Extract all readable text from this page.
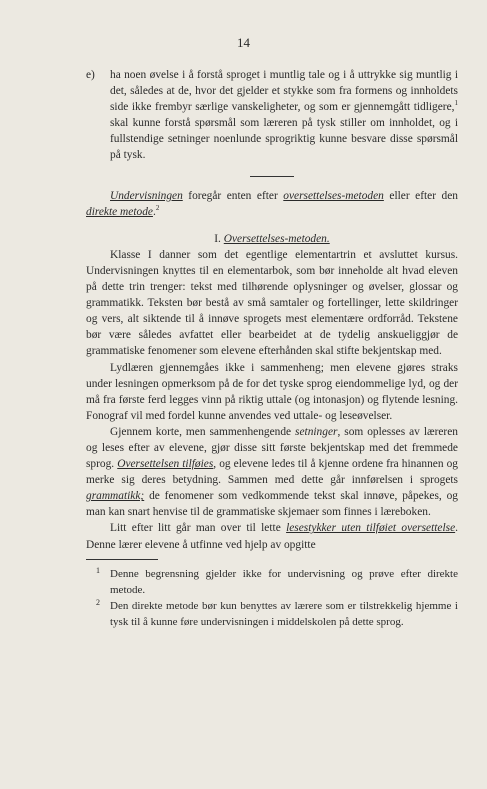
14

e) ha noen øvelse i å forstå sproget i muntlig tale og i å uttrykke sig muntlig i det, således at de, hvor det gjelder et stykke som fra formens og innholdets side ikke frembyr særlige vanskeligheter, og som er gjennemgått tidligere,$^1$ skal kunne forstå spørsmål som læreren på tysk stiller om innholdet, og i fullstendige setninger noenlunde sprogriktig kunne besvare disse spørsmål på tysk.

Undervisningen foregår enten efter oversettelses-metoden eller efter den direkte metode.$^2$

I. Oversettelses-metoden.

Klasse I danner som det egentlige elementartrin et avsluttet kursus. Undervisningen knyttes til en elementarbok, som bør inneholde alt hvad eleven på dette trin trenger: tekst med tilhørende oplysninger og øvelser, glossar og grammatikk. Teksten bør bestå av små samtaler og fortellinger, lette skildringer og vers, alt siktende til å innøve sprogets mest elementære ordforråd. Tekstene bør være således avfattet eller bearbeidet at de tydelig anskueliggjør de grammatiske fenomener som elevene efterhånden skal stifte bekjentskap med.

Lydlæren gjennemgåes ikke i sammenheng; men elevene gjøres straks under lesningen opmerksom på de for det tyske sprog eiendommelige lyd, og der må fra første ferd legges vinn på riktig uttale (og intonasjon) og flytende lesning. Fonograf vil med fordel kunne anvendes ved uttale- og leseøvelser.

Gjennem korte, men sammenhengende setninger, som oplesses av læreren og leses efter av elevene, gjør disse sitt første bekjentskap med det fremmede sprog. Oversettelsen tilføies, og elevene ledes til å kjenne ordene fra hinannen og merke sig deres betydning. Sammen med dette går innførelsen i sprogets grammatikk; de fenomener som vedkommende tekst skal innøve, påpekes, og man kan snart henvise til de grammatiske skjemaer som finnes i læreboken.

Litt efter litt går man over til lette lesestykker uten tilføiet oversettelse. Denne lærer elevene å utfinne ved hjelp av opgitte

1 Denne begrensning gjelder ikke for undervisning og prøve efter direkte metode.

2 Den direkte metode bør kun benyttes av lærere som er tilstrekkelig hjemme i tysk til å kunne føre undervisningen i middelskolen på dette sprog.
